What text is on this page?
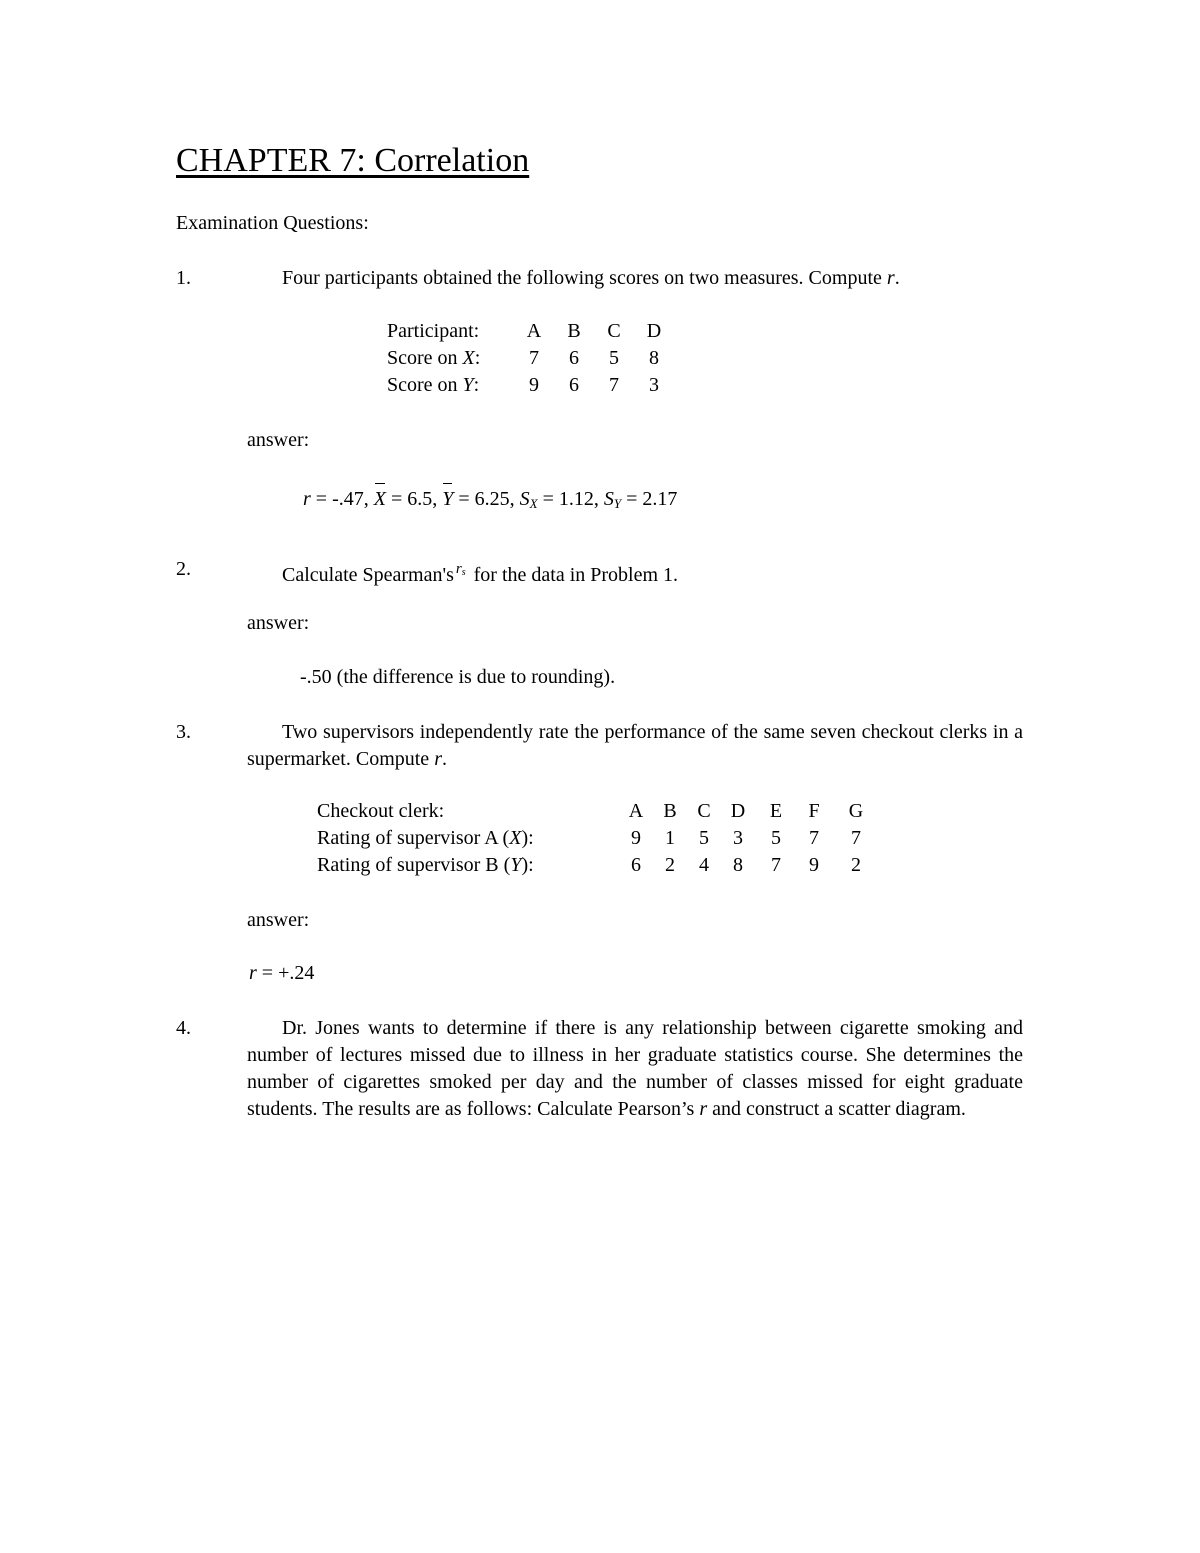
CHAPTER 7: Correlation
Examination Questions:
1.	Four participants obtained the following scores on two measures. Compute r.
Participant:	A		B		C		D
Score on X:	7		6		5		8
Score on Y:	9		6		7		3
answer:
r = -.47, X = 6.5, Y = 6.25, $S_X = 1.12$, $S_Y = 2.17$
2.	Calculate Spearman's $r_s$ for the data in Problem 1.
answer:
-.50 (the difference is due to rounding).
3.	Two supervisors independently rate the performance of the same seven checkout clerks in a supermarket. Compute r.
Checkout clerk:	A		B		C		D		E		F		G
Rating of supervisor A (X):	9		1		5		3		5		7		7
Rating of supervisor B (Y):	6		2		4		8		7		9		2
answer:
r = +.24
4.	Dr. Jones wants to determine if there is any relationship between cigarette smoking and number of lectures missed due to illness in her graduate statistics course. She determines the number of cigarettes smoked per day and the number of classes missed for eight graduate students. The results are as follows: Calculate Pearson’s r and construct a scatter diagram.
